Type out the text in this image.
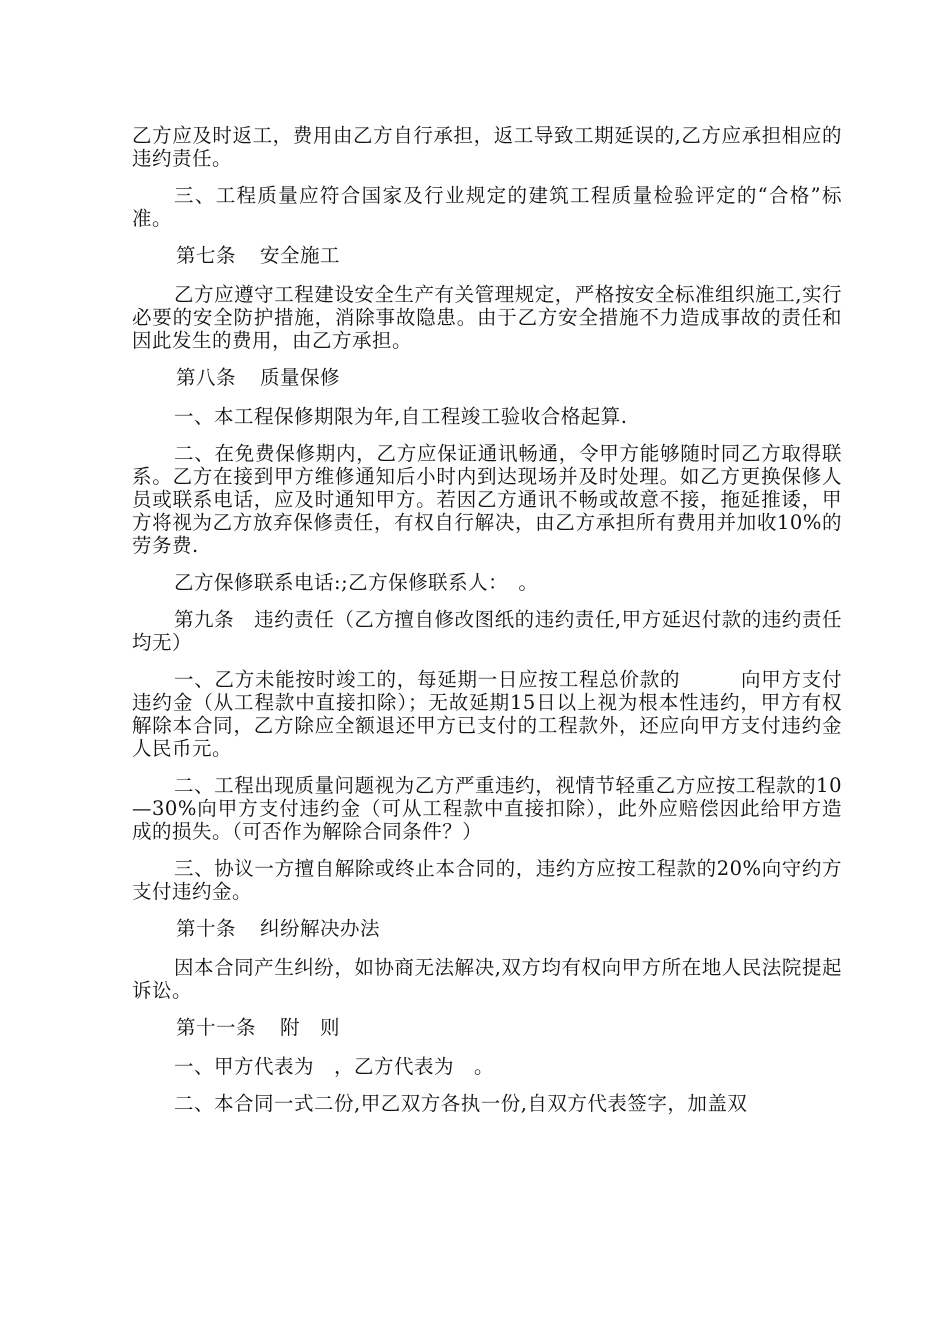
乙方应及时返工，费用由乙方自行承担，返工导致工期延误的,乙方应承担相应的违约责任。

三、工程质量应符合国家及行业规定的建筑工程质量检验评定的“合格”标准。

第七条 安全施工

乙方应遵守工程建设安全生产有关管理规定，严格按安全标准组织施工,实行必要的安全防护措施，消除事故隐患。由于乙方安全措施不力造成事故的责任和因此发生的费用，由乙方承担。

第八条 质量保修

一、本工程保修期限为年,自工程竣工验收合格起算.

二、在免费保修期内，乙方应保证通讯畅通，令甲方能够随时同乙方取得联系。乙方在接到甲方维修通知后小时内到达现场并及时处理。如乙方更换保修人员或联系电话，应及时通知甲方。若因乙方通讯不畅或故意不接，拖延推诿，甲方将视为乙方放弃保修责任，有权自行解决，由乙方承担所有费用并加收10%的劳务费.

乙方保修联系电话:;乙方保修联系人：　。

第九条　违约责任（乙方擅自修改图纸的违约责任,甲方延迟付款的违约责任均无）

一、乙方未能按时竣工的，每延期一日应按工程总价款的　　　向甲方支付违约金（从工程款中直接扣除）；无故延期15日以上视为根本性违约，甲方有权解除本合同，乙方除应全额退还甲方已支付的工程款外，还应向甲方支付违约金人民币元。

二、工程出现质量问题视为乙方严重违约，视情节轻重乙方应按工程款的10—30%向甲方支付违约金（可从工程款中直接扣除），此外应赔偿因此给甲方造成的损失。（可否作为解除合同条件？）

三、协议一方擅自解除或终止本合同的，违约方应按工程款的20%向守约方支付违约金。

第十条 纠纷解决办法

因本合同产生纠纷，如协商无法解决,双方均有权向甲方所在地人民法院提起诉讼。

第十一条 附　则

一、甲方代表为　，乙方代表为　。

二、本合同一式二份,甲乙双方各执一份,自双方代表签字，加盖双
